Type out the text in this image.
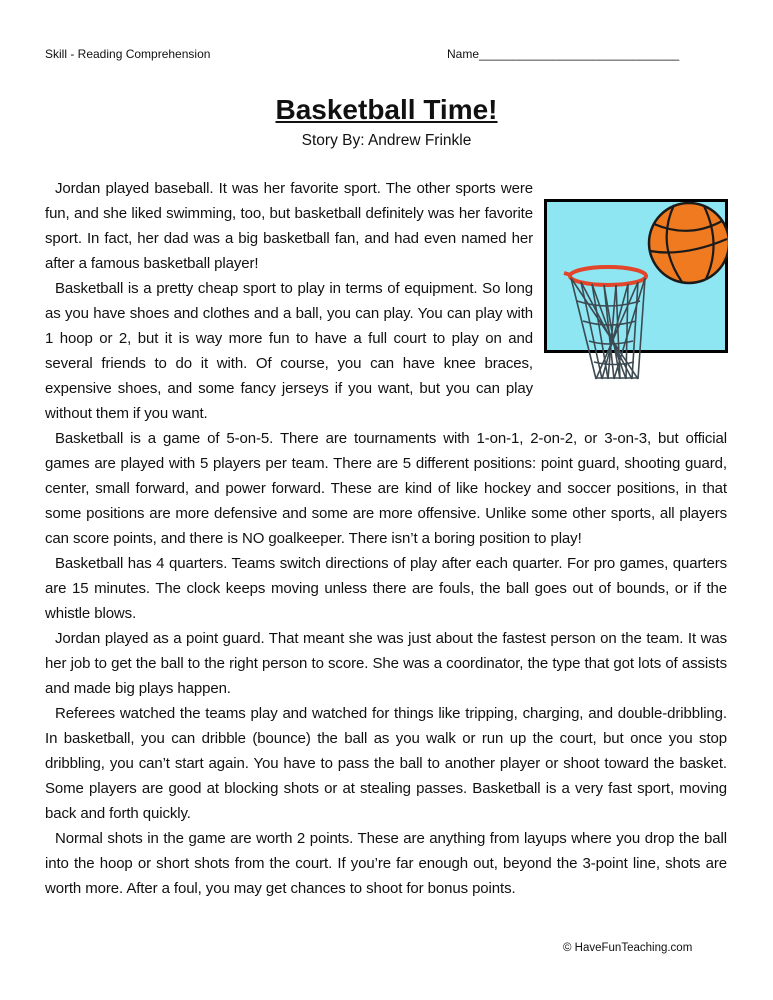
Skill - Reading Comprehension	Name______________________________
Basketball Time!
Story By: Andrew Frinkle

Jordan played baseball. It was her favorite sport. The other sports were fun, and she liked swimming, too, but basketball definitely was her favorite sport. In fact, her dad was a big basketball fan, and had even named her after a famous basketball player!

Basketball is a pretty cheap sport to play in terms of equipment. So long as you have shoes and clothes and a ball, you can play. You can play with 1 hoop or 2, but it is way more fun to have a full court to play on and several friends to do it with. Of course, you can have knee braces, expensive shoes, and some fancy jerseys if you want, but you can play without them if you want.

Basketball is a game of 5-on-5. There are tournaments with 1-on-1, 2-on-2, or 3-on-3, but official games are played with 5 players per team. There are 5 different positions: point guard, shooting guard, center, small forward, and power forward. These are kind of like hockey and soccer positions, in that some positions are more defensive and some are more offensive. Unlike some other sports, all players can score points, and there is NO goalkeeper. There isn’t a boring position to play!

Basketball has 4 quarters. Teams switch directions of play after each quarter. For pro games, quarters are 15 minutes. The clock keeps moving unless there are fouls, the ball goes out of bounds, or if the whistle blows.

Jordan played as a point guard. That meant she was just about the fastest person on the team. It was her job to get the ball to the right person to score. She was a coordinator, the type that got lots of assists and made big plays happen.

Referees watched the teams play and watched for things like tripping, charging, and double-dribbling. In basketball, you can dribble (bounce) the ball as you walk or run up the court, but once you stop dribbling, you can’t start again. You have to pass the ball to another player or shoot toward the basket. Some players are good at blocking shots or at stealing passes. Basketball is a very fast sport, moving back and forth quickly.

Normal shots in the game are worth 2 points. These are anything from layups where you drop the ball into the hoop or short shots from the court. If you’re far enough out, beyond the 3-point line, shots are worth more. After a foul, you may get chances to shoot for bonus points.

© HaveFunTeaching.com
